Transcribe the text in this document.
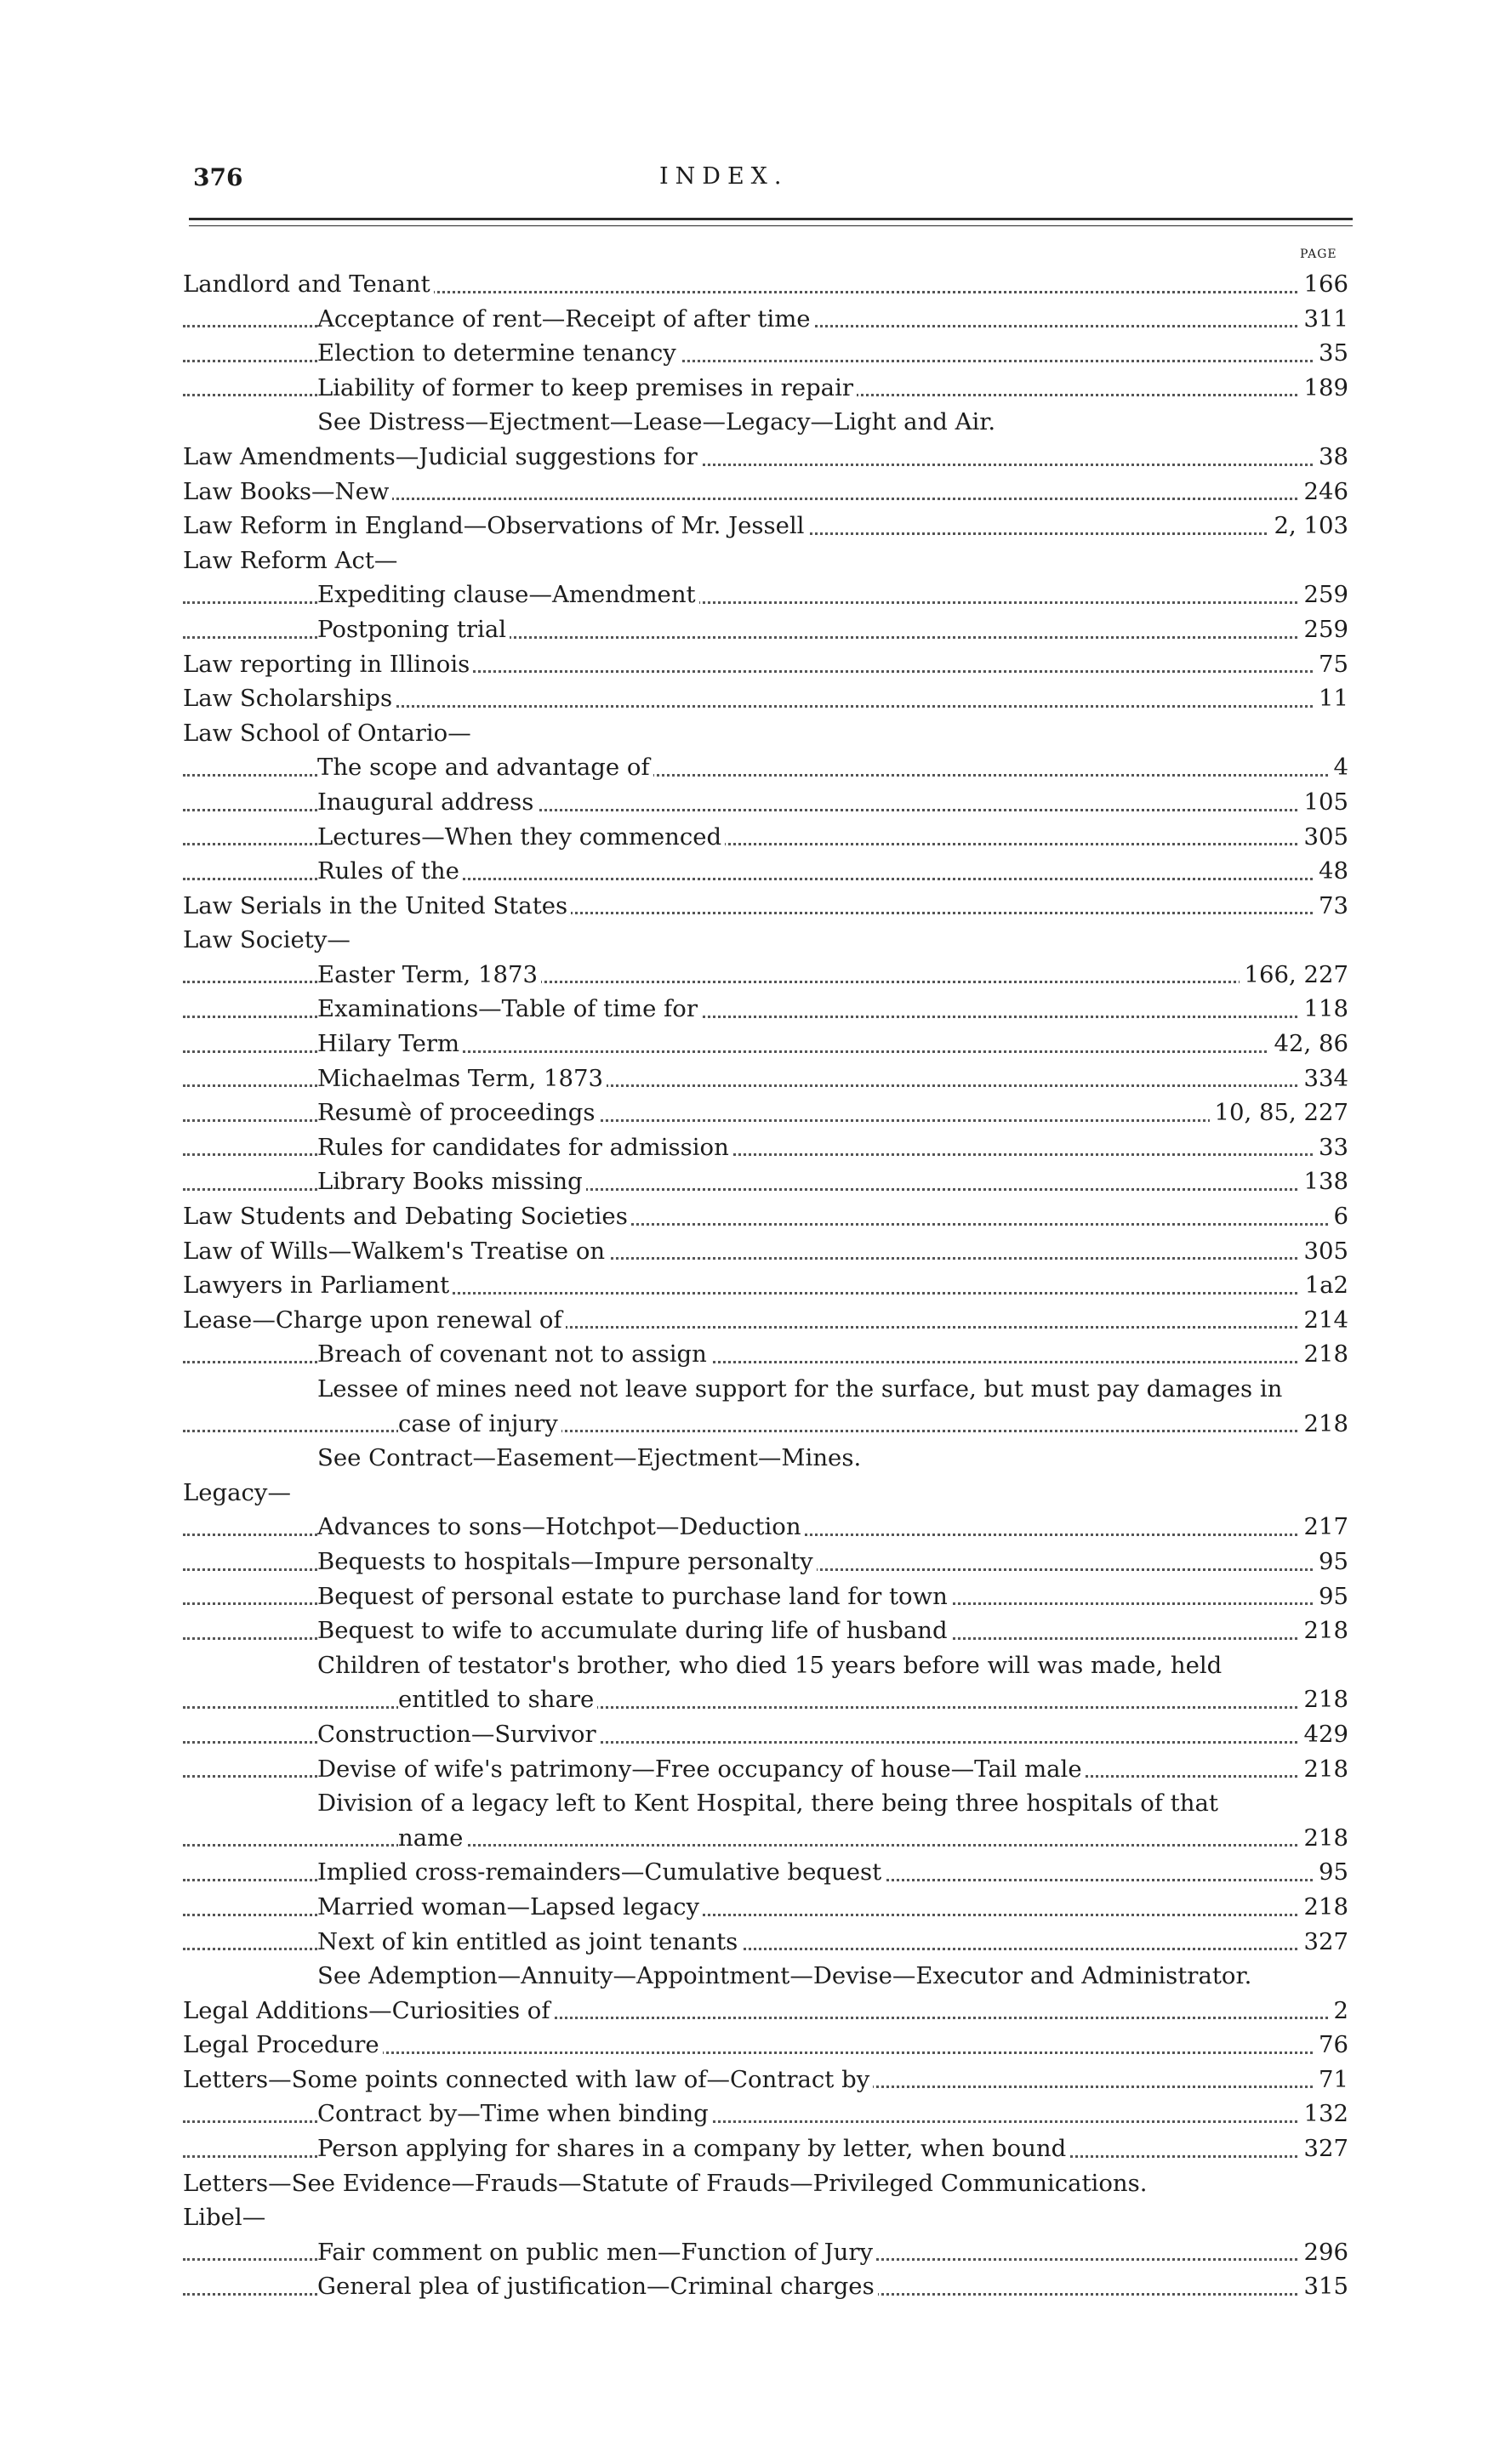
376	INDEX.
PAGE
Landlord and Tenant	166
Acceptance of rent—Receipt of after time	311
Election to determine tenancy	35
Liability of former to keep premises in repair	189
See Distress—Ejectment—Lease—Legacy—Light and Air.
Law Amendments—Judicial suggestions for	38
Law Books—New	246
Law Reform in England—Observations of Mr. Jessell	2, 103
Law Reform Act—
Expediting clause—Amendment	259
Postponing trial	259
Law reporting in Illinois	75
Law Scholarships	11
Law School of Ontario—
The scope and advantage of	4
Inaugural address	105
Lectures—When they commenced	305
Rules of the	48
Law Serials in the United States	73
Law Society—
Easter Term, 1873	166, 227
Examinations—Table of time for	118
Hilary Term	42, 86
Michaelmas Term, 1873	334
Resumè of proceedings	10, 85, 227
Rules for candidates for admission	33
Library Books missing	138
Law Students and Debating Societies	6
Law of Wills—Walkem's Treatise on	305
Lawyers in Parliament	1a2
Lease—Charge upon renewal of	214
Breach of covenant not to assign	218
Lessee of mines need not leave support for the surface, but must pay damages in
case of injury	218
See Contract—Easement—Ejectment—Mines.
Legacy—
Advances to sons—Hotchpot—Deduction	217
Bequests to hospitals—Impure personalty	95
Bequest of personal estate to purchase land for town	95
Bequest to wife to accumulate during life of husband	218
Children of testator's brother, who died 15 years before will was made, held
entitled to share	218
Construction—Survivor	429
Devise of wife's patrimony—Free occupancy of house—Tail male	218
Division of a legacy left to Kent Hospital, there being three hospitals of that
name	218
Implied cross-remainders—Cumulative bequest	95
Married woman—Lapsed legacy	218
Next of kin entitled as joint tenants	327
See Ademption—Annuity—Appointment—Devise—Executor and Administrator.
Legal Additions—Curiosities of	2
Legal Procedure	76
Letters—Some points connected with law of—Contract by	71
Contract by—Time when binding	132
Person applying for shares in a company by letter, when bound	327
Letters—See Evidence—Frauds—Statute of Frauds—Privileged Communications.
Libel—
Fair comment on public men—Function of Jury	296
General plea of justification—Criminal charges	315
